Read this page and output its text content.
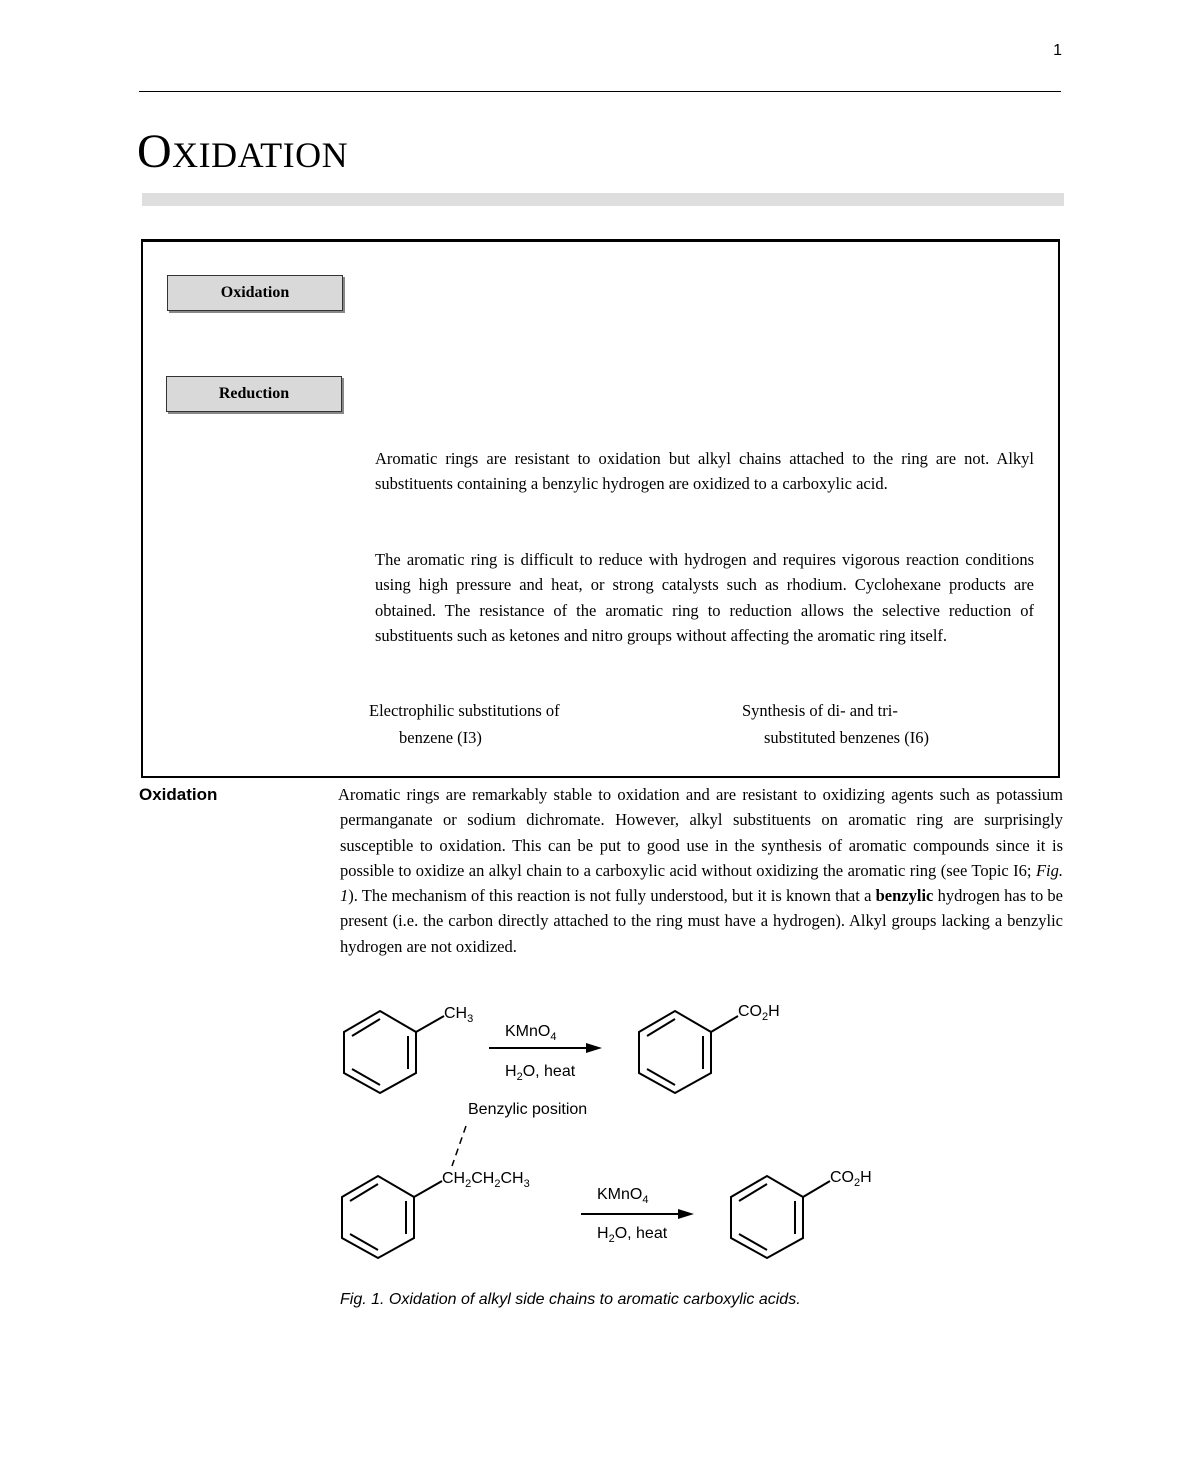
1
OXIDATION
Oxidation
Reduction
Aromatic rings are resistant to oxidation but alkyl chains attached to the ring are not. Alkyl substituents containing a benzylic hydrogen are oxidized to a carboxylic acid.
The aromatic ring is difficult to reduce with hydrogen and requires vigorous reaction conditions using high pressure and heat, or strong catalysts such as rhodium. Cyclohexane products are obtained. The resistance of the aromatic ring to reduction allows the selective reduction of substituents such as ketones and nitro groups without affecting the aromatic ring itself.
Electrophilic substitutions of
benzene (I3)
Synthesis of di- and tri-
substituted benzenes (I6)
Oxidation	Aromatic rings are remarkably stable to oxidation and are resistant to oxidizing agents such as potassium permanganate or sodium dichromate. However, alkyl substituents on aromatic ring are surprisingly susceptible to oxidation. This can be put to good use in the synthesis of aromatic compounds since it is possible to oxidize an alkyl chain to a carboxylic acid without oxidizing the aromatic ring (see Topic I6; Fig. 1). The mechanism of this reaction is not fully understood, but it is known that a benzylic hydrogen has to be present (i.e. the carbon directly attached to the ring must have a hydrogen). Alkyl groups lacking a benzylic hydrogen are not oxidized.
$CH_3$
KMnO$_4$
$H_2O$, heat
$CO_2H$
Benzylic position
$CH_2CH_2CH_3$
KMnO$_4$
$H_2O$, heat
$CO_2H$
Fig. 1. Oxidation of alkyl side chains to aromatic carboxylic acids.
